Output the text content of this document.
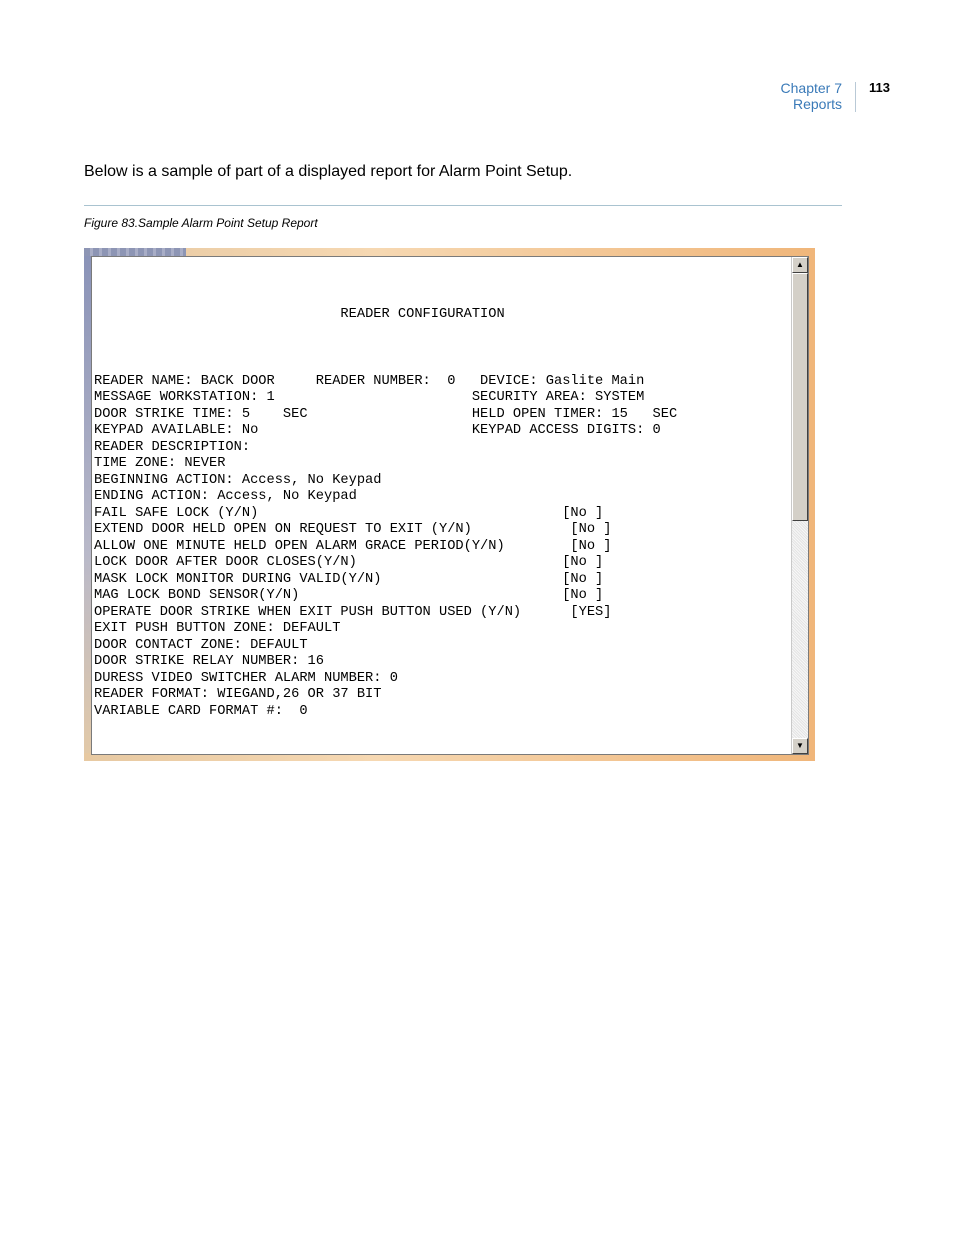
Chapter 7
Reports
113
Below is a sample of part of a displayed report for Alarm Point Setup.
Figure 83.Sample Alarm Point Setup Report
READER CONFIGURATION
READER NAME: BACK DOOR     READER NUMBER:  0   DEVICE: Gaslite Main
MESSAGE WORKSTATION: 1                        SECURITY AREA: SYSTEM
DOOR STRIKE TIME: 5    SEC                    HELD OPEN TIMER: 15   SEC
KEYPAD AVAILABLE: No                          KEYPAD ACCESS DIGITS: 0
READER DESCRIPTION:
TIME ZONE: NEVER
BEGINNING ACTION: Access, No Keypad
ENDING ACTION: Access, No Keypad
FAIL SAFE LOCK (Y/N)                                     [No ]
EXTEND DOOR HELD OPEN ON REQUEST TO EXIT (Y/N)            [No ]
ALLOW ONE MINUTE HELD OPEN ALARM GRACE PERIOD(Y/N)        [No ]
LOCK DOOR AFTER DOOR CLOSES(Y/N)                         [No ]
MASK LOCK MONITOR DURING VALID(Y/N)                      [No ]
MAG LOCK BOND SENSOR(Y/N)                                [No ]
OPERATE DOOR STRIKE WHEN EXIT PUSH BUTTON USED (Y/N)      [YES]
EXIT PUSH BUTTON ZONE: DEFAULT
DOOR CONTACT ZONE: DEFAULT
DOOR STRIKE RELAY NUMBER: 16
DURESS VIDEO SWITCHER ALARM NUMBER: 0
READER FORMAT: WIEGAND,26 OR 37 BIT
VARIABLE CARD FORMAT #:  0
▲
▼
